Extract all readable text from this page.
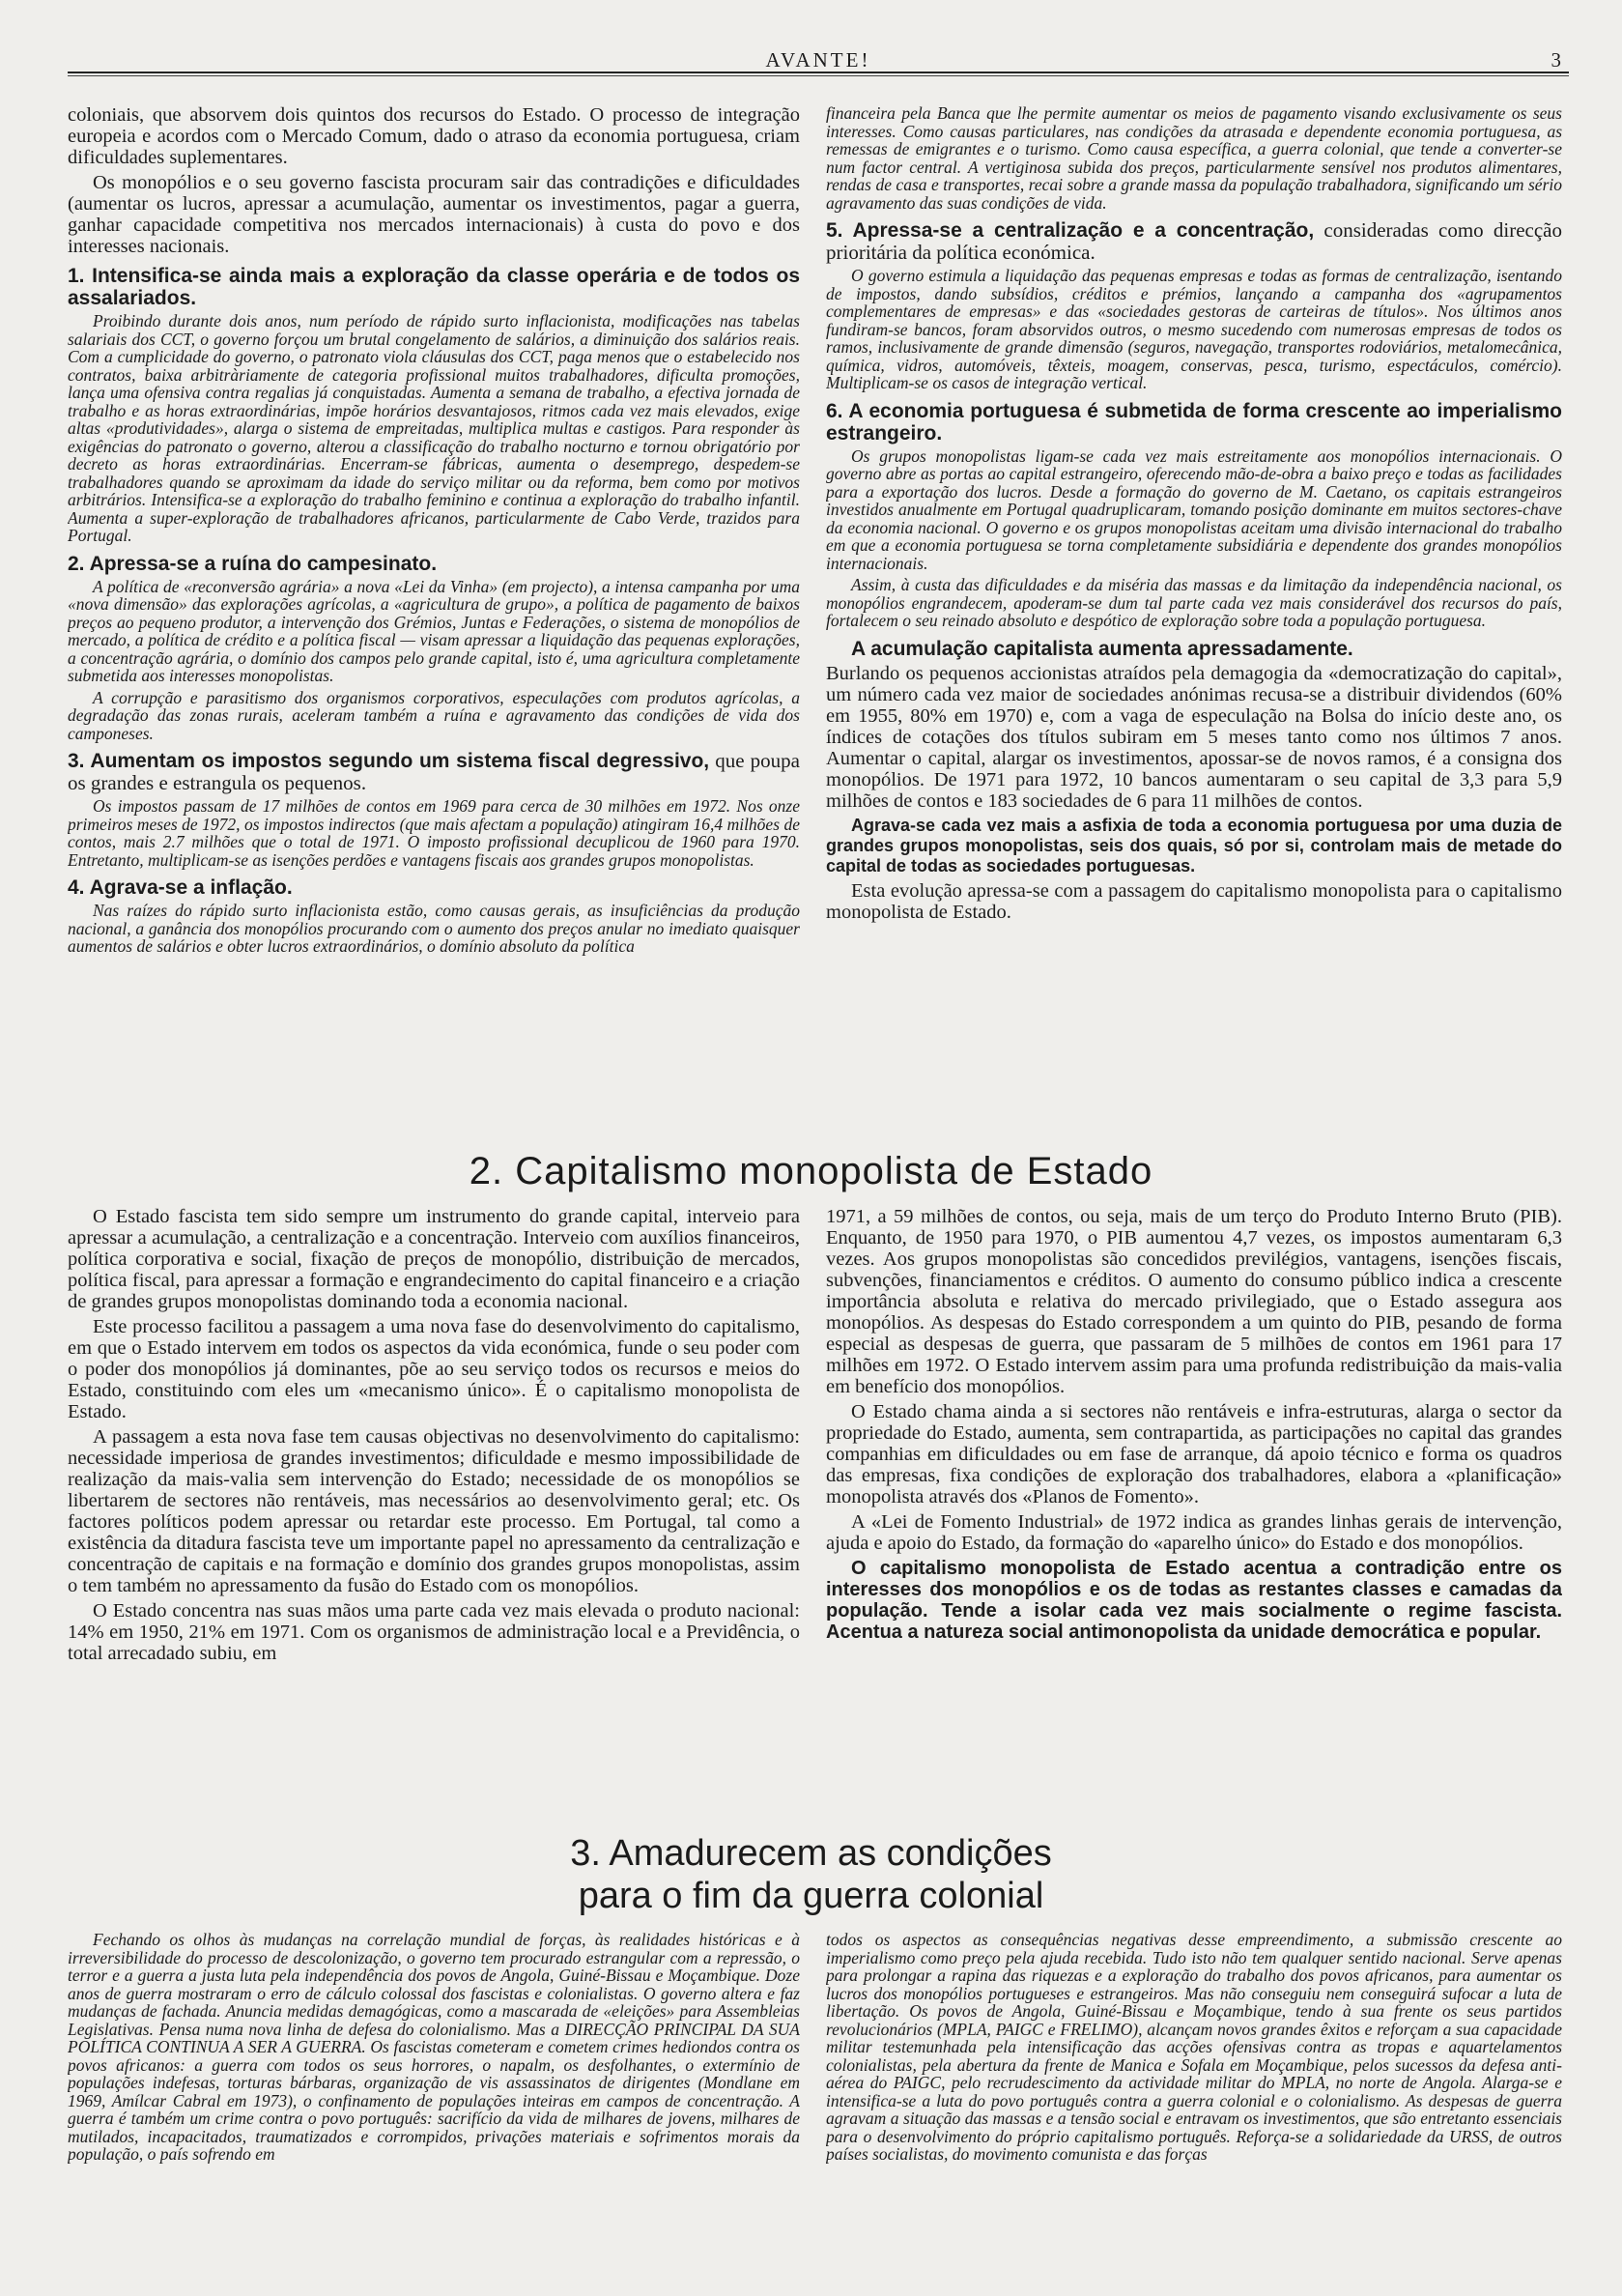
AVANTE!	3

coloniais, que absorvem dois quintos dos recursos do Estado. O processo de integração europeia e acordos com o Mercado Comum, dado o atraso da economia portuguesa, criam dificuldades suplementares.

Os monopólios e o seu governo fascista procuram sair das contradições e dificuldades (aumentar os lucros, apressar a acumulação, aumentar os investimentos, pagar a guerra, ganhar capacidade competitiva nos mercados internacionais) à custa do povo e dos interesses nacionais.

1. Intensifica-se ainda mais a exploração da classe operária e de todos os assalariados.

Proibindo durante dois anos, num período de rápido surto inflacionista, modificações nas tabelas salariais dos CCT, o governo forçou um brutal congelamento de salários, a diminuição dos salários reais. Com a cumplicidade do governo, o patronato viola cláusulas dos CCT, paga menos que o estabelecido nos contratos, baixa arbitràriamente de categoria profissional muitos trabalhadores, dificulta promoções, lança uma ofensiva contra regalias já conquistadas. Aumenta a semana de trabalho, a efectiva jornada de trabalho e as horas extraordinárias, impõe horários desvantajosos, ritmos cada vez mais elevados, exige altas «produtividades», alarga o sistema de empreitadas, multiplica multas e castigos. Para responder às exigências do patronato o governo, alterou a classificação do trabalho nocturno e tornou obrigatório por decreto as horas extraordinárias. Encerram-se fábricas, aumenta o desemprego, despedem-se trabalhadores quando se aproximam da idade do serviço militar ou da reforma, bem como por motivos arbitrários. Intensifica-se a exploração do trabalho feminino e continua a exploração do trabalho infantil. Aumenta a super-exploração de trabalhadores africanos, particularmente de Cabo Verde, trazidos para Portugal.

2. Apressa-se a ruína do campesinato.

A política de «reconversão agrária» a nova «Lei da Vinha» (em projecto), a intensa campanha por uma «nova dimensão» das explorações agrícolas, a «agricultura de grupo», a política de pagamento de baixos preços ao pequeno produtor, a intervenção dos Grémios, Juntas e Federações, o sistema de monopólios de mercado, a política de crédito e a política fiscal — visam apressar a liquidação das pequenas explorações, a concentração agrária, o domínio dos campos pelo grande capital, isto é, uma agricultura completamente submetida aos interesses monopolistas.

A corrupção e parasitismo dos organismos corporativos, especulações com produtos agrícolas, a degradação das zonas rurais, aceleram também a ruína e agravamento das condições de vida dos camponeses.

3. Aumentam os impostos segundo um sistema fiscal degressivo, que poupa os grandes e estrangula os pequenos.

Os impostos passam de 17 milhões de contos em 1969 para cerca de 30 milhões em 1972. Nos onze primeiros meses de 1972, os impostos indirectos (que mais afectam a população) atingiram 16,4 milhões de contos, mais 2.7 milhões que o total de 1971. O imposto profissional decuplicou de 1960 para 1970. Entretanto, multiplicam-se as isenções perdões e vantagens fiscais aos grandes grupos monopolistas.

4. Agrava-se a inflação.

Nas raízes do rápido surto inflacionista estão, como causas gerais, as insuficiências da produção nacional, a ganância dos monopólios procurando com o aumento dos preços anular no imediato quaisquer aumentos de salários e obter lucros extraordinários, o domínio absoluto da política

financeira pela Banca que lhe permite aumentar os meios de pagamento visando exclusivamente os seus interesses. Como causas particulares, nas condições da atrasada e dependente economia portuguesa, as remessas de emigrantes e o turismo. Como causa específica, a guerra colonial, que tende a converter-se num factor central. A vertiginosa subida dos preços, particularmente sensível nos produtos alimentares, rendas de casa e transportes, recai sobre a grande massa da população trabalhadora, significando um sério agravamento das suas condições de vida.

5. Apressa-se a centralização e a concentração, consideradas como direcção prioritária da política económica.

O governo estimula a liquidação das pequenas empresas e todas as formas de centralização, isentando de impostos, dando subsídios, créditos e prémios, lançando a campanha dos «agrupamentos complementares de empresas» e das «sociedades gestoras de carteiras de títulos». Nos últimos anos fundiram-se bancos, foram absorvidos outros, o mesmo sucedendo com numerosas empresas de todos os ramos, inclusivamente de grande dimensão (seguros, navegação, transportes rodoviários, metalomecânica, química, vidros, automóveis, têxteis, moagem, conservas, pesca, turismo, espectáculos, comércio). Multiplicam-se os casos de integração vertical.

6. A economia portuguesa é submetida de forma crescente ao imperialismo estrangeiro.

Os grupos monopolistas ligam-se cada vez mais estreitamente aos monopólios internacionais. O governo abre as portas ao capital estrangeiro, oferecendo mão-de-obra a baixo preço e todas as facilidades para a exportação dos lucros. Desde a formação do governo de M. Caetano, os capitais estrangeiros investidos anualmente em Portugal quadruplicaram, tomando posição dominante em muitos sectores-chave da economia nacional. O governo e os grupos monopolistas aceitam uma divisão internacional do trabalho em que a economia portuguesa se torna completamente subsidiária e dependente dos grandes monopólios internacionais.

Assim, à custa das dificuldades e da miséria das massas e da limitação da independência nacional, os monopólios engrandecem, apoderam-se dum tal parte cada vez mais considerável dos recursos do país, fortalecem o seu reinado absoluto e despótico de exploração sobre toda a população portuguesa.

A acumulação capitalista aumenta apressadamente.

Burlando os pequenos accionistas atraídos pela demagogia da «democratização do capital», um número cada vez maior de sociedades anónimas recusa-se a distribuir dividendos (60% em 1955, 80% em 1970) e, com a vaga de especulação na Bolsa do início deste ano, os índices de cotações dos títulos subiram em 5 meses tanto como nos últimos 7 anos. Aumentar o capital, alargar os investimentos, apossar-se de novos ramos, é a consigna dos monopólios. De 1971 para 1972, 10 bancos aumentaram o seu capital de 3,3 para 5,9 milhões de contos e 183 sociedades de 6 para 11 milhões de contos.

Agrava-se cada vez mais a asfixia de toda a economia portuguesa por uma duzia de grandes grupos monopolistas, seis dos quais, só por si, controlam mais de metade do capital de todas as sociedades portuguesas.

Esta evolução apressa-se com a passagem do capitalismo monopolista para o capitalismo monopolista de Estado.

2. Capitalismo monopolista de Estado

O Estado fascista tem sido sempre um instrumento do grande capital, interveio para apressar a acumulação, a centralização e a concentração. Interveio com auxílios financeiros, política corporativa e social, fixação de preços de monopólio, distribuição de mercados, política fiscal, para apressar a formação e engrandecimento do capital financeiro e a criação de grandes grupos monopolistas dominando toda a economia nacional.

Este processo facilitou a passagem a uma nova fase do desenvolvimento do capitalismo, em que o Estado intervem em todos os aspectos da vida económica, funde o seu poder com o poder dos monopólios já dominantes, põe ao seu serviço todos os recursos e meios do Estado, constituindo com eles um «mecanismo único». É o capitalismo monopolista de Estado.

A passagem a esta nova fase tem causas objectivas no desenvolvimento do capitalismo: necessidade imperiosa de grandes investimentos; dificuldade e mesmo impossibilidade de realização da mais-valia sem intervenção do Estado; necessidade de os monopólios se libertarem de sectores não rentáveis, mas necessários ao desenvolvimento geral; etc. Os factores políticos podem apressar ou retardar este processo. Em Portugal, tal como a existência da ditadura fascista teve um importante papel no apressamento da centralização e concentração de capitais e na formação e domínio dos grandes grupos monopolistas, assim o tem também no apressamento da fusão do Estado com os monopólios.

O Estado concentra nas suas mãos uma parte cada vez mais elevada o produto nacional: 14% em 1950, 21% em 1971. Com os organismos de administração local e a Previdência, o total arrecadado subiu, em

1971, a 59 milhões de contos, ou seja, mais de um terço do Produto Interno Bruto (PIB). Enquanto, de 1950 para 1970, o PIB aumentou 4,7 vezes, os impostos aumentaram 6,3 vezes. Aos grupos monopolistas são concedidos previlégios, vantagens, isenções fiscais, subvenções, financiamentos e créditos. O aumento do consumo público indica a crescente importância absoluta e relativa do mercado privilegiado, que o Estado assegura aos monopólios. As despesas do Estado correspondem a um quinto do PIB, pesando de forma especial as despesas de guerra, que passaram de 5 milhões de contos em 1961 para 17 milhões em 1972. O Estado intervem assim para uma profunda redistribuição da mais-valia em benefício dos monopólios.

O Estado chama ainda a si sectores não rentáveis e infra-estruturas, alarga o sector da propriedade do Estado, aumenta, sem contrapartida, as participações no capital das grandes companhias em dificuldades ou em fase de arranque, dá apoio técnico e forma os quadros das empresas, fixa condições de exploração dos trabalhadores, elabora a «planificação» monopolista através dos «Planos de Fomento».

A «Lei de Fomento Industrial» de 1972 indica as grandes linhas gerais de intervenção, ajuda e apoio do Estado, da formação do «aparelho único» do Estado e dos monopólios.

O capitalismo monopolista de Estado acentua a contradição entre os interesses dos monopólios e os de todas as restantes classes e camadas da população. Tende a isolar cada vez mais socialmente o regime fascista. Acentua a natureza social antimonopolista da unidade democrática e popular.

3. Amadurecem as condições
para o fim da guerra colonial

Fechando os olhos às mudanças na correlação mundial de forças, às realidades históricas e à irreversibilidade do processo de descolonização, o governo tem procurado estrangular com a repressão, o terror e a guerra a justa luta pela independência dos povos de Angola, Guiné-Bissau e Moçambique. Doze anos de guerra mostraram o erro de cálculo colossal dos fascistas e colonialistas. O governo altera e faz mudanças de fachada. Anuncia medidas demagógicas, como a mascarada de «eleições» para Assembleias Legislativas. Pensa numa nova linha de defesa do colonialismo. Mas a DIRECÇÃO PRINCIPAL DA SUA POLÍTICA CONTINUA A SER A GUERRA. Os fascistas cometeram e cometem crimes hediondos contra os povos africanos: a guerra com todos os seus horrores, o napalm, os desfolhantes, o extermínio de populações indefesas, torturas bárbaras, organização de vis assassinatos de dirigentes (Mondlane em 1969, Amílcar Cabral em 1973), o confinamento de populações inteiras em campos de concentração. A guerra é também um crime contra o povo português: sacrifício da vida de milhares de jovens, milhares de mutilados, incapacitados, traumatizados e corrompidos, privações materiais e sofrimentos morais da população, o país sofrendo em

todos os aspectos as consequências negativas desse empreendimento, a submissão crescente ao imperialismo como preço pela ajuda recebida. Tudo isto não tem qualquer sentido nacional. Serve apenas para prolongar a rapina das riquezas e a exploração do trabalho dos povos africanos, para aumentar os lucros dos monopólios portugueses e estrangeiros. Mas não conseguiu nem conseguirá sufocar a luta de libertação. Os povos de Angola, Guiné-Bissau e Moçambique, tendo à sua frente os seus partidos revolucionários (MPLA, PAIGC e FRELIMO), alcançam novos grandes êxitos e reforçam a sua capacidade militar testemunhada pela intensificação das acções ofensivas contra as tropas e aquartelamentos colonialistas, pela abertura da frente de Manica e Sofala em Moçambique, pelos sucessos da defesa anti-aérea do PAIGC, pelo recrudescimento da actividade militar do MPLA, no norte de Angola. Alarga-se e intensifica-se a luta do povo português contra a guerra colonial e o colonialismo. As despesas de guerra agravam a situação das massas e a tensão social e entravam os investimentos, que são entretanto essenciais para o desenvolvimento do próprio capitalismo português. Reforça-se a solidariedade da URSS, de outros países socialistas, do movimento comunista e das forças
